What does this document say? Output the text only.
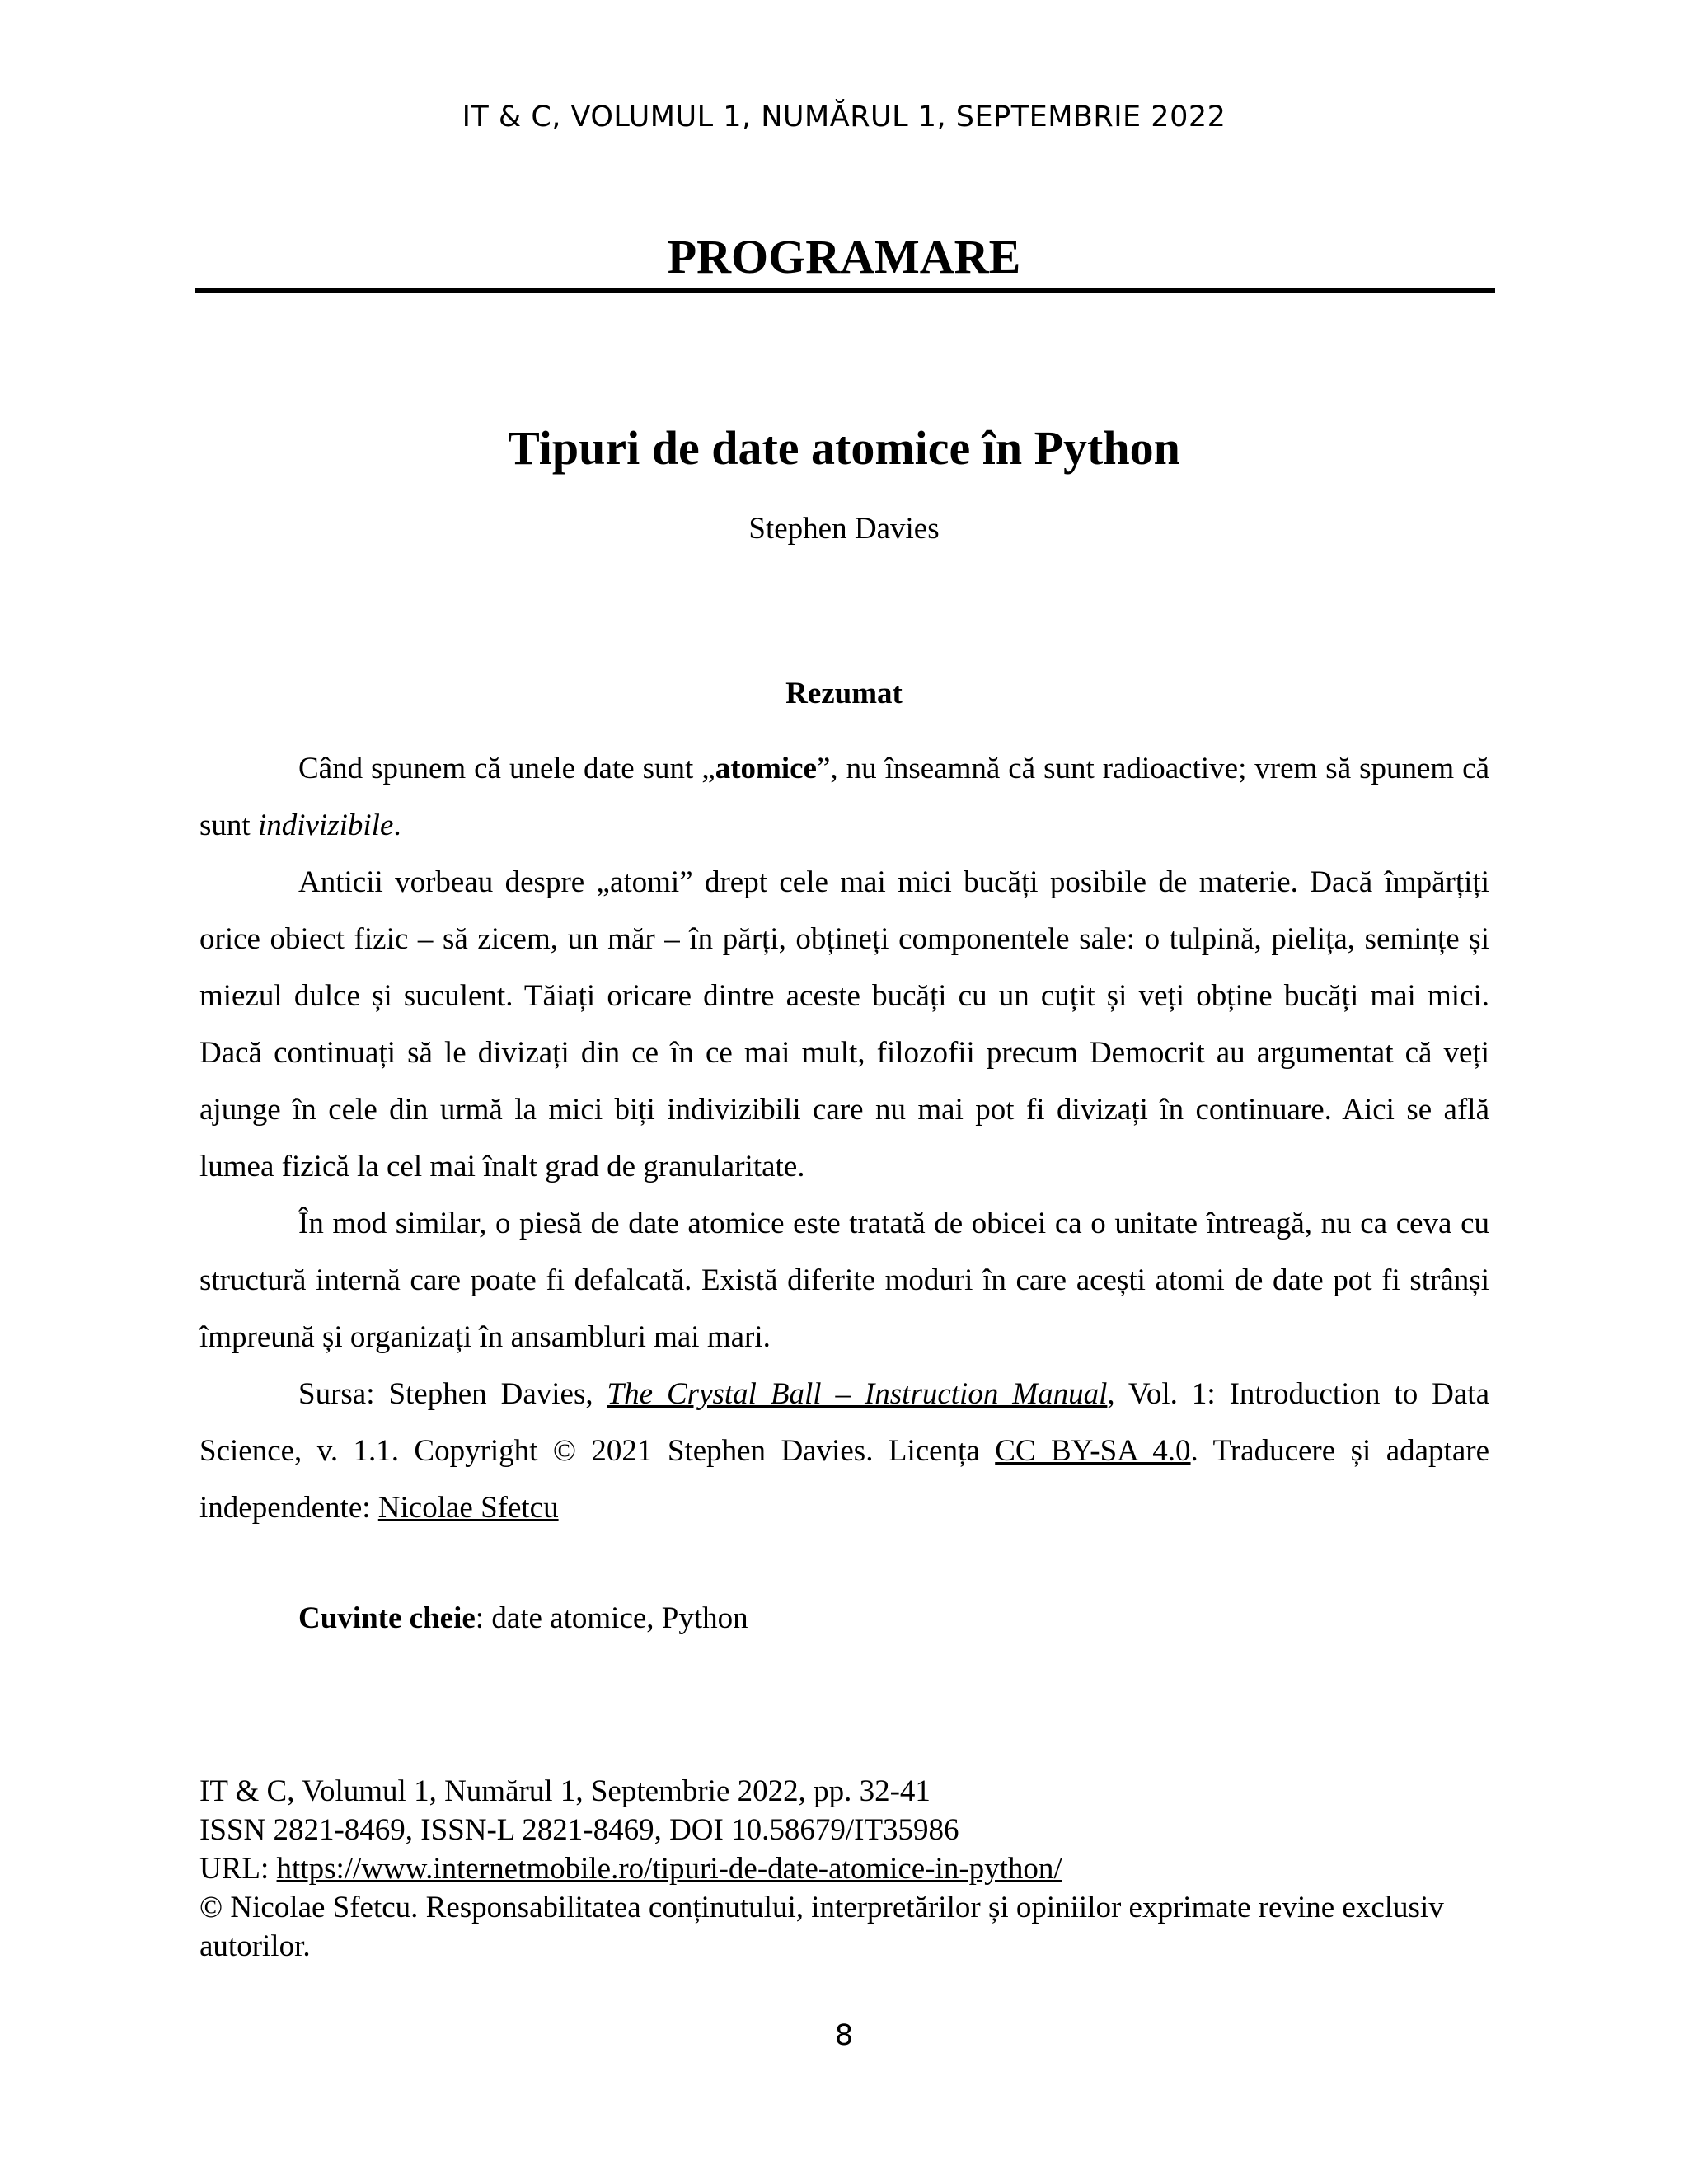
IT & C, VOLUMUL 1, NUMĂRUL 1, SEPTEMBRIE 2022
PROGRAMARE
Tipuri de date atomice în Python
Stephen Davies
Rezumat

Când spunem că unele date sunt „atomice”, nu înseamnă că sunt radioactive; vrem să spunem că sunt indivizibile.

Anticii vorbeau despre „atomi” drept cele mai mici bucăți posibile de materie. Dacă împărțiți orice obiect fizic – să zicem, un măr – în părți, obțineți componentele sale: o tulpină, pielița, semințe și miezul dulce și suculent. Tăiați oricare dintre aceste bucăți cu un cuțit și veți obține bucăți mai mici. Dacă continuați să le divizați din ce în ce mai mult, filozofii precum Democrit au argumentat că veți ajunge în cele din urmă la mici biți indivizibili care nu mai pot fi divizați în continuare. Aici se află lumea fizică la cel mai înalt grad de granularitate.

În mod similar, o piesă de date atomice este tratată de obicei ca o unitate întreagă, nu ca ceva cu structură internă care poate fi defalcată. Există diferite moduri în care acești atomi de date pot fi strânși împreună și organizați în ansambluri mai mari.

Sursa: Stephen Davies, The Crystal Ball – Instruction Manual, Vol. 1: Introduction to Data Science, v. 1.1. Copyright © 2021 Stephen Davies. Licența CC BY-SA 4.0. Traducere și adaptare independente: Nicolae Sfetcu

Cuvinte cheie: date atomice, Python
IT & C, Volumul 1, Numărul 1, Septembrie 2022, pp. 32-41
ISSN 2821-8469, ISSN-L 2821-8469, DOI 10.58679/IT35986
URL: https://www.internetmobile.ro/tipuri-de-date-atomice-in-python/
© Nicolae Sfetcu. Responsabilitatea conținutului, interpretărilor și opiniilor exprimate revine exclusiv autorilor.
8
